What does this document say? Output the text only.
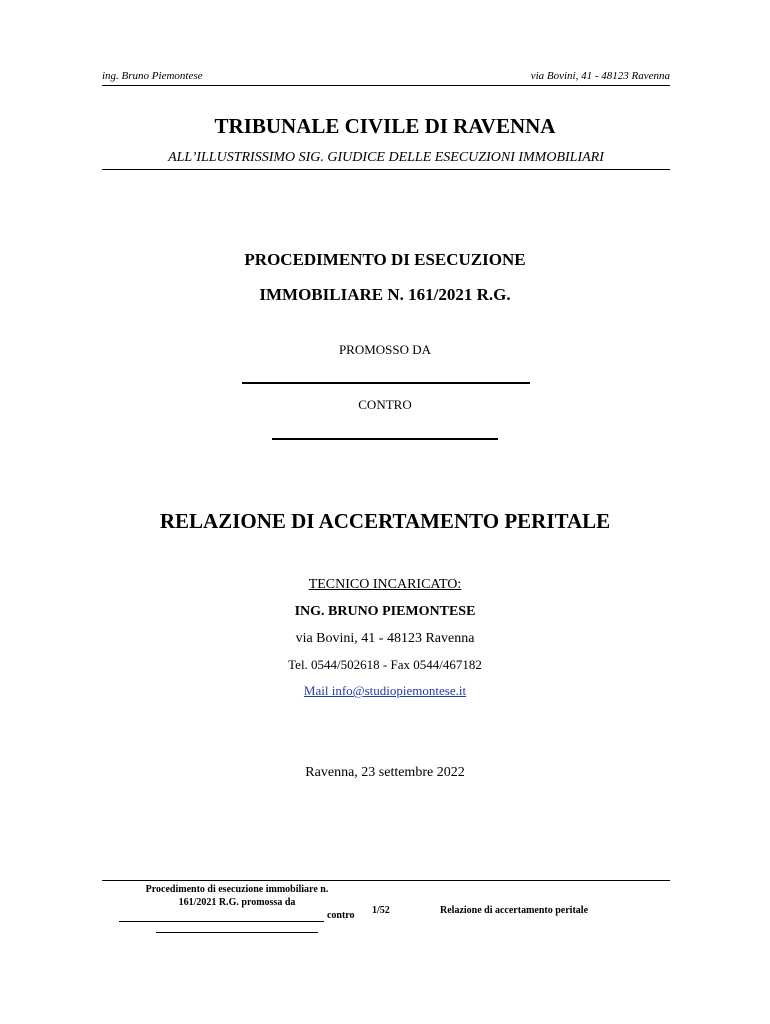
ing. Bruno Piemontese	via Bovini, 41 - 48123 Ravenna
TRIBUNALE CIVILE DI RAVENNA
ALL’ILLUSTRISSIMO SIG. GIUDICE DELLE ESECUZIONI IMMOBILIARI
PROCEDIMENTO DI ESECUZIONE
IMMOBILIARE N. 161/2021 R.G.
PROMOSSO DA
CONTRO
RELAZIONE DI ACCERTAMENTO PERITALE
TECNICO INCARICATO:
ING. BRUNO PIEMONTESE
via Bovini, 41 - 48123 Ravenna
Tel. 0544/502618 - Fax 0544/467182
Mail info@studiopiemontese.it
Ravenna, 23 settembre 2022
Procedimento di esecuzione immobiliare n.
161/2021 R.G. promossa da
contro	1/52	Relazione di accertamento peritale
